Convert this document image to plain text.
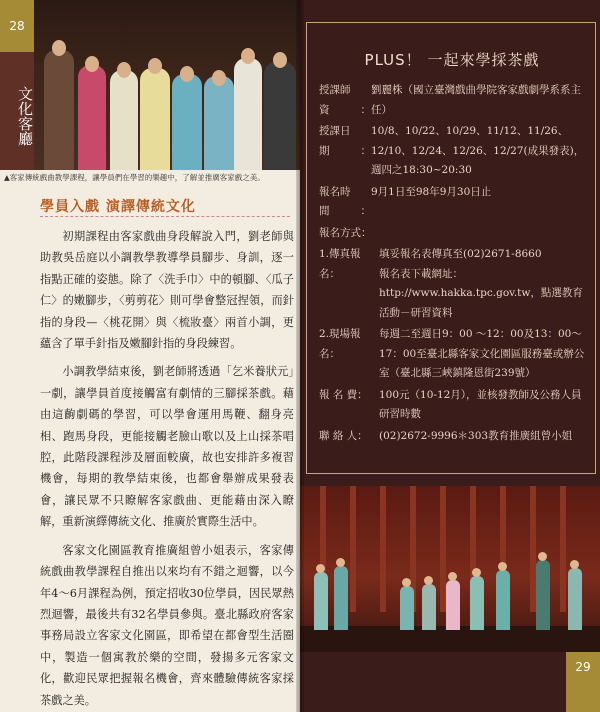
28
文化客廳
▲客家傳統戲曲教學課程，讓學員們在學習的樂趣中，了解並推廣客家戲之美。
學員入戲 演譯傳統文化

初期課程由客家戲曲身段解說入門，劉老師與助教吳岳庭以小調教學教導學員腳步、身訓，逐一指點正確的姿態。除了〈洗手巾〉中的頓腳、〈瓜子仁〉的嫩腳步，〈剪剪花〉則可學會整冠捏領，而針指的身段—〈桃花開〉與〈梳妝臺〉兩首小調，更蘊含了單手針指及嫩腳針指的身段練習。

小調教學結束後，劉老師將透過「乞米養狀元」一劇，讓學員首度接觸富有劇情的三腳採茶戲。藉由這齣劇碼的學習，可以學會運用馬鞭、翻身亮相、跑馬身段，更能接觸老臉山歌以及上山採茶唱腔，此階段課程涉及層面較廣，故也安排許多複習機會，每期的教學結束後，也都會舉辦成果發表會，讓民眾不只瞭解客家戲曲、更能藉由深入瞭解，重新演繹傳統文化、推廣於實際生活中。

客家文化園區教育推廣組曾小姐表示，客家傳統戲曲教學課程自推出以來均有不錯之迴響，以今年4～6月課程為例，預定招收30位學員，因民眾熱烈迴響，最後共有32名學員參與。臺北縣政府客家事務局設立客家文化園區，即希望在都會型生活圈中，製造一個寓教於樂的空間，發揚多元客家文化，歡迎民眾把握報名機會，齊來體驗傳統客家採茶戲之美。

PLUS！ 一起來學採茶戲
授課師資：
劉麗株（國立臺灣戲曲學院客家戲劇學系系主任）
授課日期：
10/8、10/22、10/29、11/12、11/26、12/10、12/24、12/26、12/27(成果發表)，週四之18:30~20:30
報名時間：
9月1日至98年9月30日止
報名方式：
1.傳真報名：
填妥報名表傳真至(02)2671-8660
報名表下載網址：http://www.hakka.tpc.gov.tw，點選教育活動－研習資料
2.現場報名：
每週二至週日9：00 ～12：00及13：00～17：00至臺北縣客家文化園區服務臺或辦公室（臺北縣三峽鎮隆恩街239號）
報 名 費：	100元（10-12月），並核發教師及公務人員研習時數
聯 絡 人：	(02)2672-9996＊303教育推廣組曾小姐
29
